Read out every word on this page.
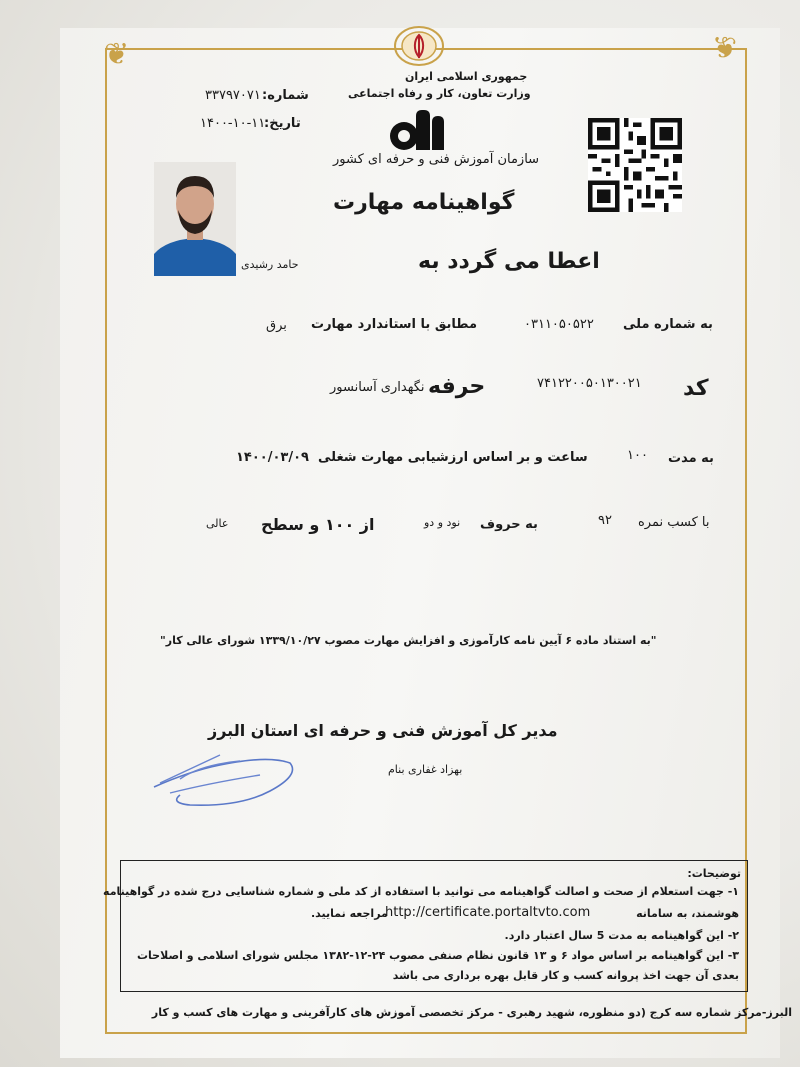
❦	❦
جمهوری اسلامی ایران
وزارت تعاون، کار و رفاه اجتماعی
سازمان آموزش فنی و حرفه ای کشور
شماره:
۳۳۷۹۷۰۷۱
تاریخ:
۱۴۰۰-۱۰-۱۱
حامد رشیدی
گواهینامه مهارت
اعطا می گردد به
به شماره ملی
۰۳۱۱۰۵۰۵۲۲
مطابق با استاندارد مهارت
برق
کد
۷۴۱۲۲۰۰۵۰۱۳۰۰۲۱
حرفه
نگهداری آسانسور
به مدت
۱۰۰
ساعت و بر اساس ارزشیابی مهارت شغلی
۱۴۰۰/۰۳/۰۹
با کسب نمره
۹۲
به حروف
نود و دو
از ۱۰۰ و سطح
عالی
"به استناد ماده ۶ آیین نامه کارآموزی و افزایش مهارت مصوب ۱۳۳۹/۱۰/۲۷ شورای عالی کار"
مدیر کل آموزش فنی و حرفه ای استان البرز
بهزاد غفاری بنام
توضیحات:
۱- جهت استعلام از صحت و اصالت گواهینامه می توانید با استفاده از کد ملی و شماره شناسایی درج شده در گواهینامه
هوشمند، به سامانه
http://certificate.portaltvto.com
مراجعه نمایید.
۲- این گواهینامه به مدت 5 سال اعتبار دارد.
۳- این گواهینامه بر اساس مواد ۶ و ۱۳ قانون نظام صنفی مصوب ۲۴-۱۲-۱۳۸۲ مجلس شورای اسلامی و اصلاحات
بعدی آن جهت اخذ پروانه کسب و کار قابل بهره برداری می باشد
البرز-مرکز شماره سه کرج (دو منظوره، شهید رهبری - مرکز تخصصی آموزش های کارآفرینی و مهارت های کسب و کار
